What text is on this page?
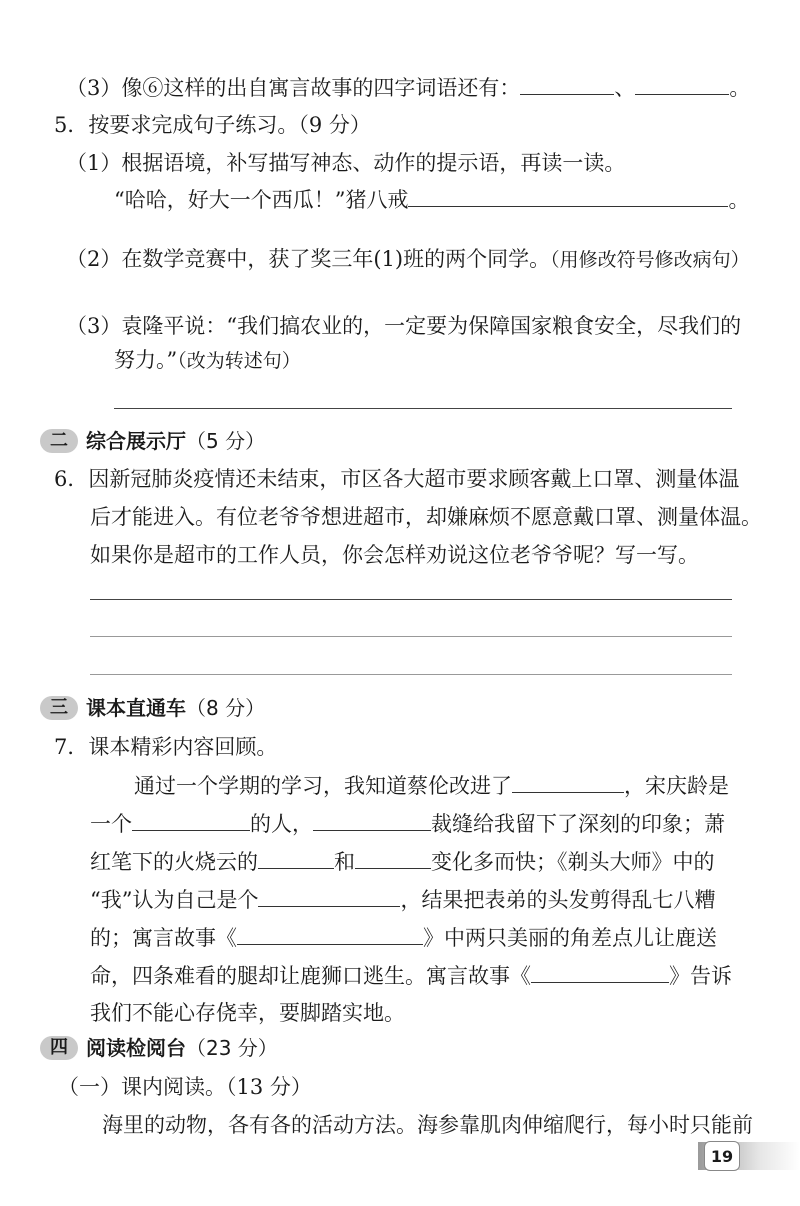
（3）像⑥这样的出自寓言故事的四字词语还有：	、	。
5．按要求完成句子练习。（9 分）
（1）根据语境，补写描写神态、动作的提示语，再读一读。
“哈哈，好大一个西瓜！”猪八戒	。
（2）在数学竞赛中，获了奖三年(1)班的两个同学。（用修改符号修改病句）
（3）袁隆平说：“我们搞农业的，一定要为保障国家粮食安全，尽我们的
努力。”（改为转述句）
二 综合展示厅 （5 分）
6．因新冠肺炎疫情还未结束，市区各大超市要求顾客戴上口罩、测量体温
后才能进入。有位老爷爷想进超市，却嫌麻烦不愿意戴口罩、测量体温。
如果你是超市的工作人员，你会怎样劝说这位老爷爷呢？写一写。
三 课本直通车 （8 分）
7．课本精彩内容回顾。
通过一个学期的学习，我知道蔡伦改进了	，宋庆龄是
一个	的人，	裁缝给我留下了深刻的印象；萧
红笔下的火烧云的	和	变化多而快；《剃头大师》中的
“我”认为自己是个	，结果把表弟的头发剪得乱七八糟
的；寓言故事《	》中两只美丽的角差点儿让鹿送
命，四条难看的腿却让鹿狮口逃生。寓言故事《	》告诉
我们不能心存侥幸，要脚踏实地。
四 阅读检阅台 （23 分）
（一）课内阅读。（13 分）
海里的动物，各有各的活动方法。海参靠肌肉伸缩爬行，每小时只能前
19
